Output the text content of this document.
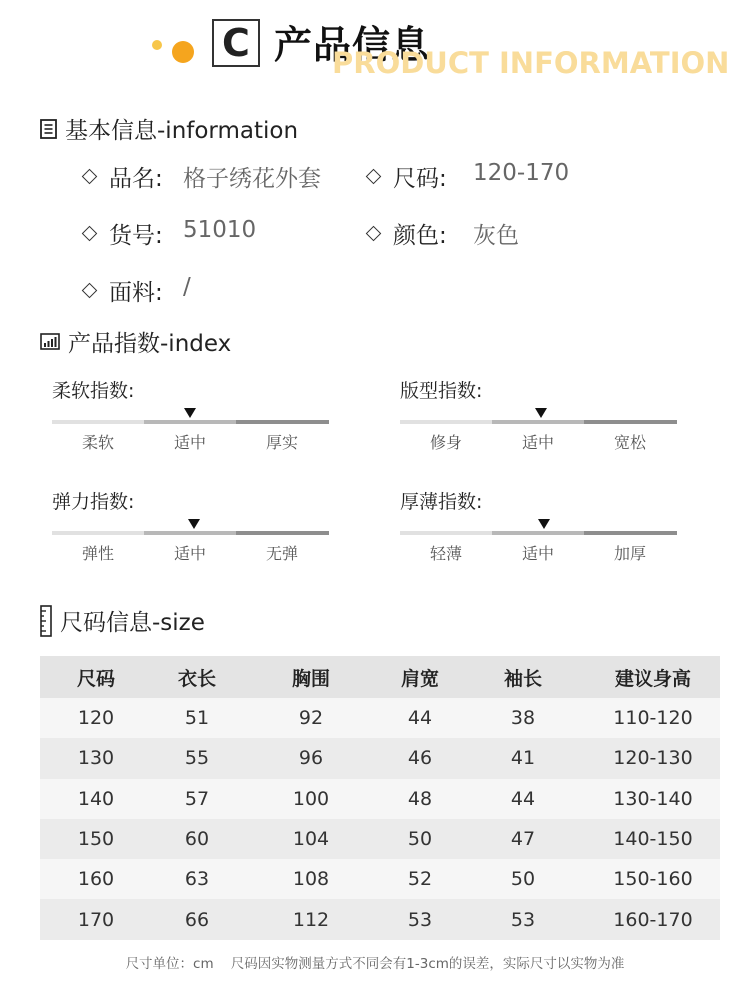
C 产品信息
PRODUCT INFORMATION
基本信息-information
品名: 格子绣花外套	尺码: 120-170
货号: 51010	颜色: 灰色
面料: /
产品指数-index
柔软指数:
柔软	适中	厚实
版型指数:
修身	适中	宽松
弹力指数:
弹性	适中	无弹
厚薄指数:
轻薄	适中	加厚
尺码信息-size
尺码	衣长	胸围	肩宽	袖长	建议身高
120	51	92	44	38	110-120
130	55	96	46	41	120-130
140	57	100	48	44	130-140
150	60	104	50	47	140-150
160	63	108	52	50	150-160
170	66	112	53	53	160-170
尺寸单位：cm    尺码因实物测量方式不同会有1-3cm的误差，实际尺寸以实物为准
